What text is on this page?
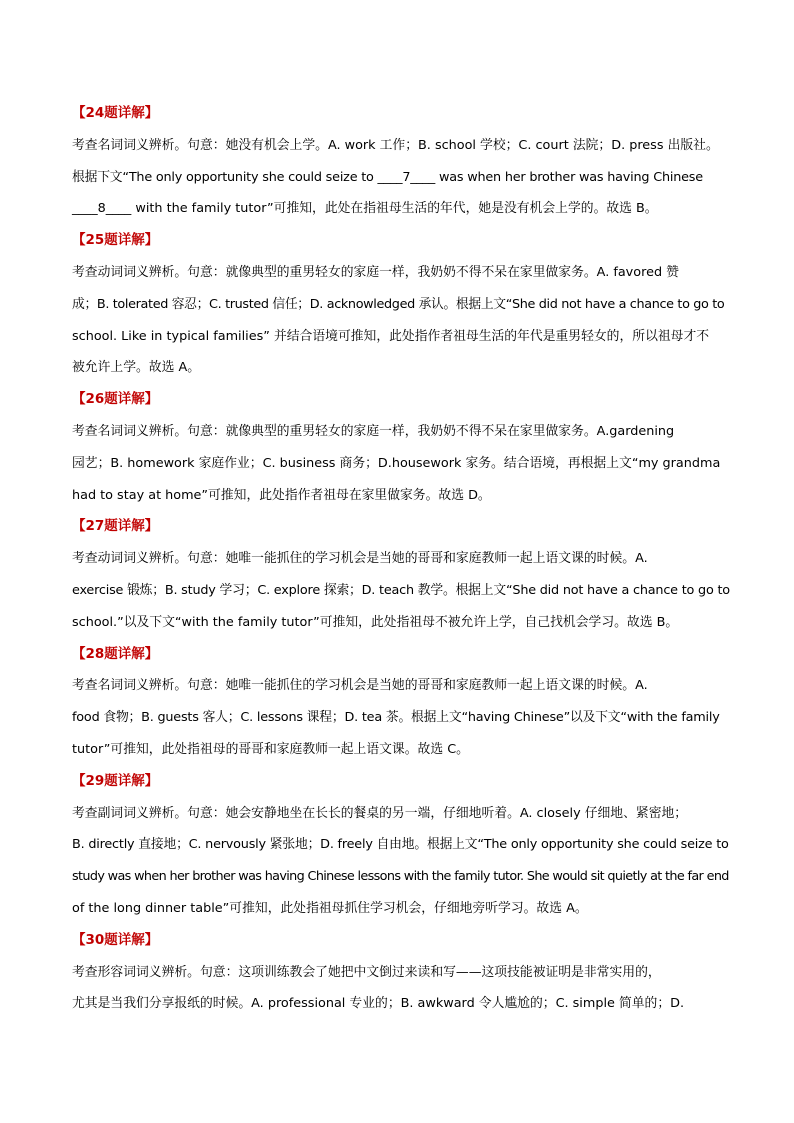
【24题详解】
考查名词词义辨析。句意：她没有机会上学。A. work 工作；B. school 学校；C. court 法院；D. press 出版社。
根据下文“The only opportunity she could seize to ____7____ was when her brother was having Chinese
____8____ with the family tutor”可推知，此处在指祖母生活的年代，她是没有机会上学的。故选 B。
【25题详解】
考查动词词义辨析。句意：就像典型的重男轻女的家庭一样，我奶奶不得不呆在家里做家务。A. favored 赞
成；B. tolerated 容忍；C. trusted 信任；D. acknowledged 承认。根据上文“She did not have a chance to go to
school. Like in typical families” 并结合语境可推知，此处指作者祖母生活的年代是重男轻女的，所以祖母才不
被允许上学。故选 A。
【26题详解】
考查名词词义辨析。句意：就像典型的重男轻女的家庭一样，我奶奶不得不呆在家里做家务。A.gardening
园艺；B. homework 家庭作业；C. business 商务；D.housework 家务。结合语境，再根据上文“my grandma
had to stay at home”可推知，此处指作者祖母在家里做家务。故选 D。
【27题详解】
考查动词词义辨析。句意：她唯一能抓住的学习机会是当她的哥哥和家庭教师一起上语文课的时候。A.
exercise 锻炼；B. study 学习；C. explore 探索；D. teach 教学。根据上文“She did not have a chance to go to
school.”以及下文“with the family tutor”可推知，此处指祖母不被允许上学，自己找机会学习。故选 B。
【28题详解】
考查名词词义辨析。句意：她唯一能抓住的学习机会是当她的哥哥和家庭教师一起上语文课的时候。A.
food 食物；B. guests 客人；C. lessons 课程；D. tea 茶。根据上文“having Chinese”以及下文“with the family
tutor”可推知，此处指祖母的哥哥和家庭教师一起上语文课。故选 C。
【29题详解】
考查副词词义辨析。句意：她会安静地坐在长长的餐桌的另一端，仔细地听着。A. closely 仔细地、紧密地；
B. directly 直接地；C. nervously 紧张地；D. freely 自由地。根据上文“The only opportunity she could seize to
study was when her brother was having Chinese lessons with the family tutor. She would sit quietly at the far end
of the long dinner table”可推知，此处指祖母抓住学习机会，仔细地旁听学习。故选 A。
【30题详解】
考查形容词词义辨析。句意：这项训练教会了她把中文倒过来读和写——这项技能被证明是非常实用的，
尤其是当我们分享报纸的时候。A. professional 专业的；B. awkward 令人尴尬的；C. simple 简单的；D.
